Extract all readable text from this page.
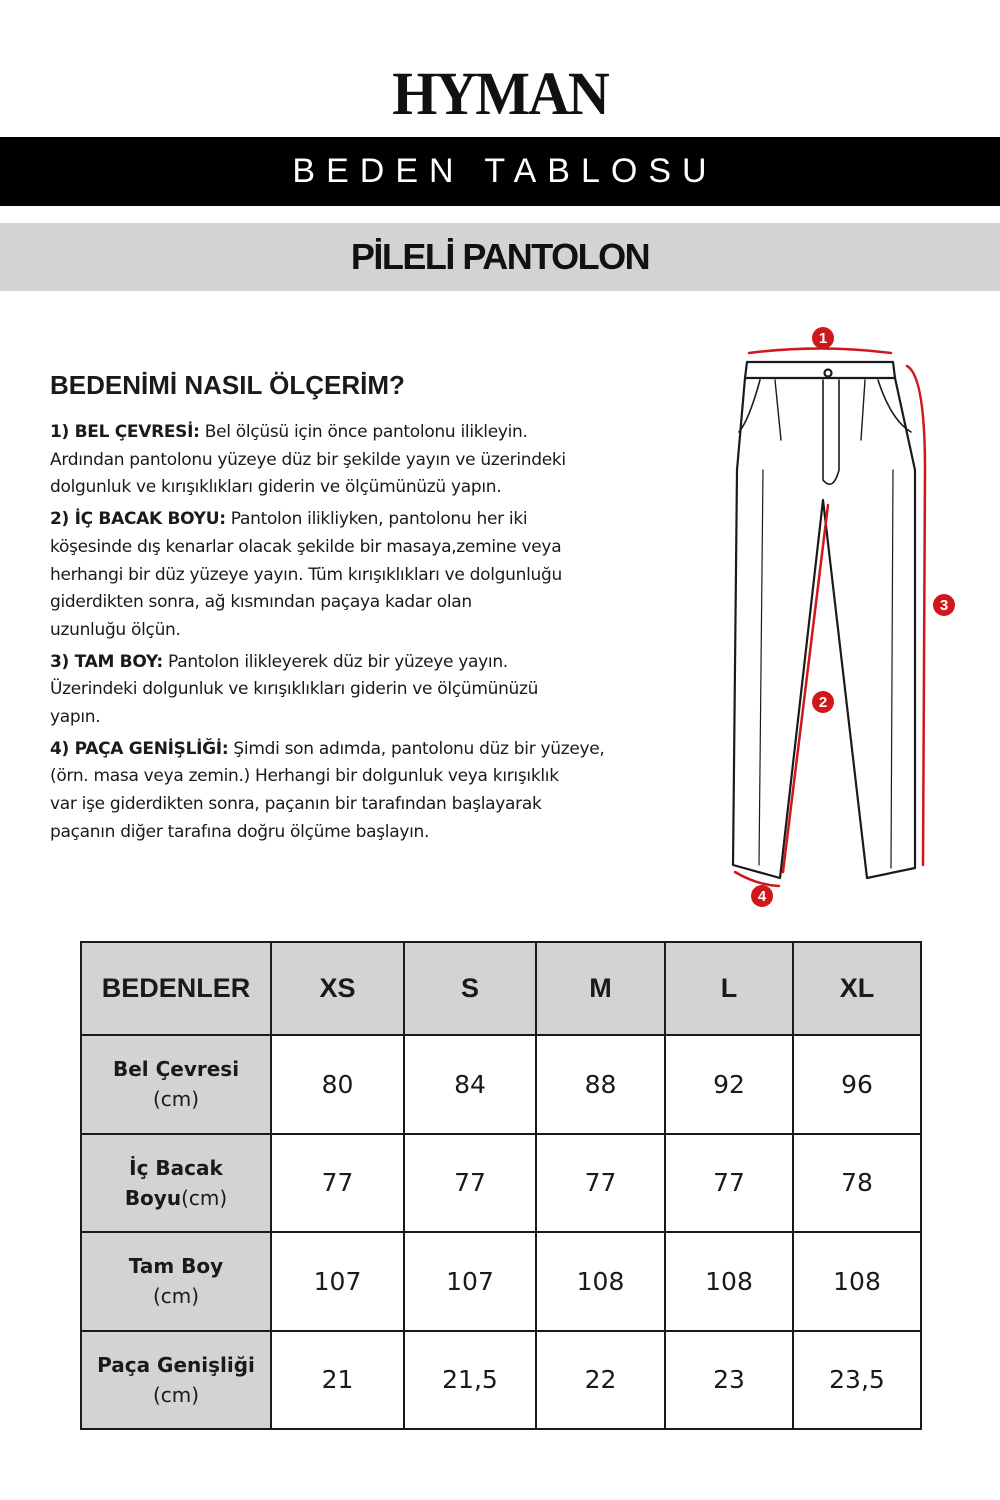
HYMAN
BEDEN TABLOSU
PİLELİ PANTOLON
BEDENİMİ NASIL ÖLÇERİM?
1) BEL ÇEVRESİ: Bel ölçüsü için önce pantolonu ilikleyin.
Ardından pantolonu yüzeye düz bir şekilde yayın ve üzerindeki
dolgunluk ve kırışıklıkları giderin ve ölçümünüzü yapın.
2) İÇ BACAK BOYU: Pantolon ilikliyken, pantolonu her iki
köşesinde dış kenarlar olacak şekilde bir masaya,zemine veya
herhangi bir düz yüzeye yayın. Tüm kırışıklıkları ve dolgunluğu
giderdikten sonra, ağ kısmından paçaya kadar olan
uzunluğu ölçün.
3) TAM BOY: Pantolon ilikleyerek düz bir yüzeye yayın.
Üzerindeki dolgunluk ve kırışıklıkları giderin ve ölçümünüzü
yapın.
4) PAÇA GENİŞLİĞİ: Şimdi son adımda, pantolonu düz bir yüzeye,
(örn. masa veya zemin.) Herhangi bir dolgunluk veya kırışıklık
var işe giderdikten sonra, paçanın bir tarafından başlayarak
paçanın diğer tarafına doğru ölçüme başlayın.
1
2
3
4
BEDENLER	XS	S	M	L	XL
Bel Çevresi
(cm)	80	84	88	92	96
İç Bacak
Boyu(cm)	77	77	77	77	78
Tam Boy
(cm)	107	107	108	108	108
Paça Genişliği
(cm)	21	21,5	22	23	23,5
